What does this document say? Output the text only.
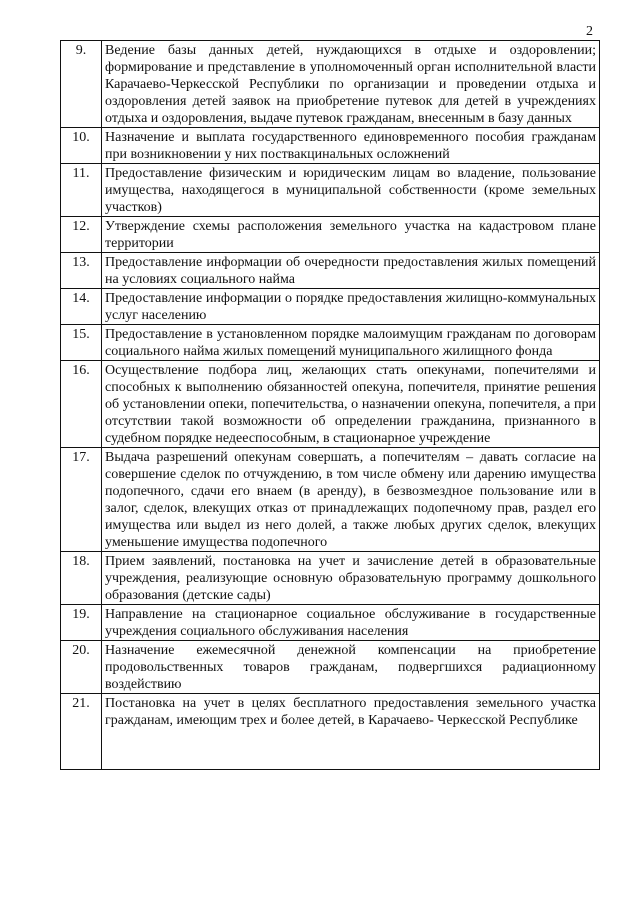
2
9.	Ведение базы данных детей, нуждающихся в отдыхе и оздоровлении; формирование и представление в уполномоченный орган исполнительной власти Карачаево-Черкесской Республики по организации и проведении отдыха и оздоровления детей заявок на приобретение путевок для детей в учреждениях отдыха и оздоровления, выдаче путевок гражданам, внесенным в базу данных
10.	Назначение и выплата государственного единовременного пособия гражданам при возникновении у них поствакцинальных осложнений
11.	Предоставление физическим и юридическим лицам во владение, пользование имущества, находящегося в муниципальной собственности (кроме земельных участков)
12.	Утверждение схемы расположения земельного участка на кадастровом плане территории
13.	Предоставление информации об очередности предоставления жилых помещений на условиях социального найма
14.	Предоставление информации о порядке предоставления жилищно-коммунальных услуг населению
15.	Предоставление в установленном порядке малоимущим гражданам по договорам социального найма жилых помещений муниципального жилищного фонда
16.	Осуществление подбора лиц, желающих стать опекунами, попечителями и способных к выполнению обязанностей опекуна, попечителя, принятие решения об установлении опеки, попечительства, о назначении опекуна, попечителя, а при отсутствии такой возможности об определении гражданина, признанного в судебном порядке недееспособным, в стационарное учреждение
17.	Выдача разрешений опекунам совершать, а попечителям – давать согласие на совершение сделок по отчуждению, в том числе обмену или дарению имущества подопечного, сдачи его внаем (в аренду), в безвозмездное пользование или в залог, сделок, влекущих отказ от принадлежащих подопечному прав, раздел его имущества или выдел из него долей, а также любых других сделок, влекущих уменьшение имущества подопечного
18.	Прием заявлений, постановка на учет и зачисление детей в образовательные учреждения, реализующие основную образовательную программу дошкольного образования (детские сады)
19.	Направление на стационарное социальное обслуживание в государственные учреждения социального обслуживания населения
20.	Назначение ежемесячной денежной компенсации на приобретение продовольственных товаров гражданам, подвергшихся радиационному воздействию
21.	Постановка на учет в целях бесплатного предоставления земельного участка гражданам, имеющим трех и более детей, в Карачаево- Черкесской Республике
